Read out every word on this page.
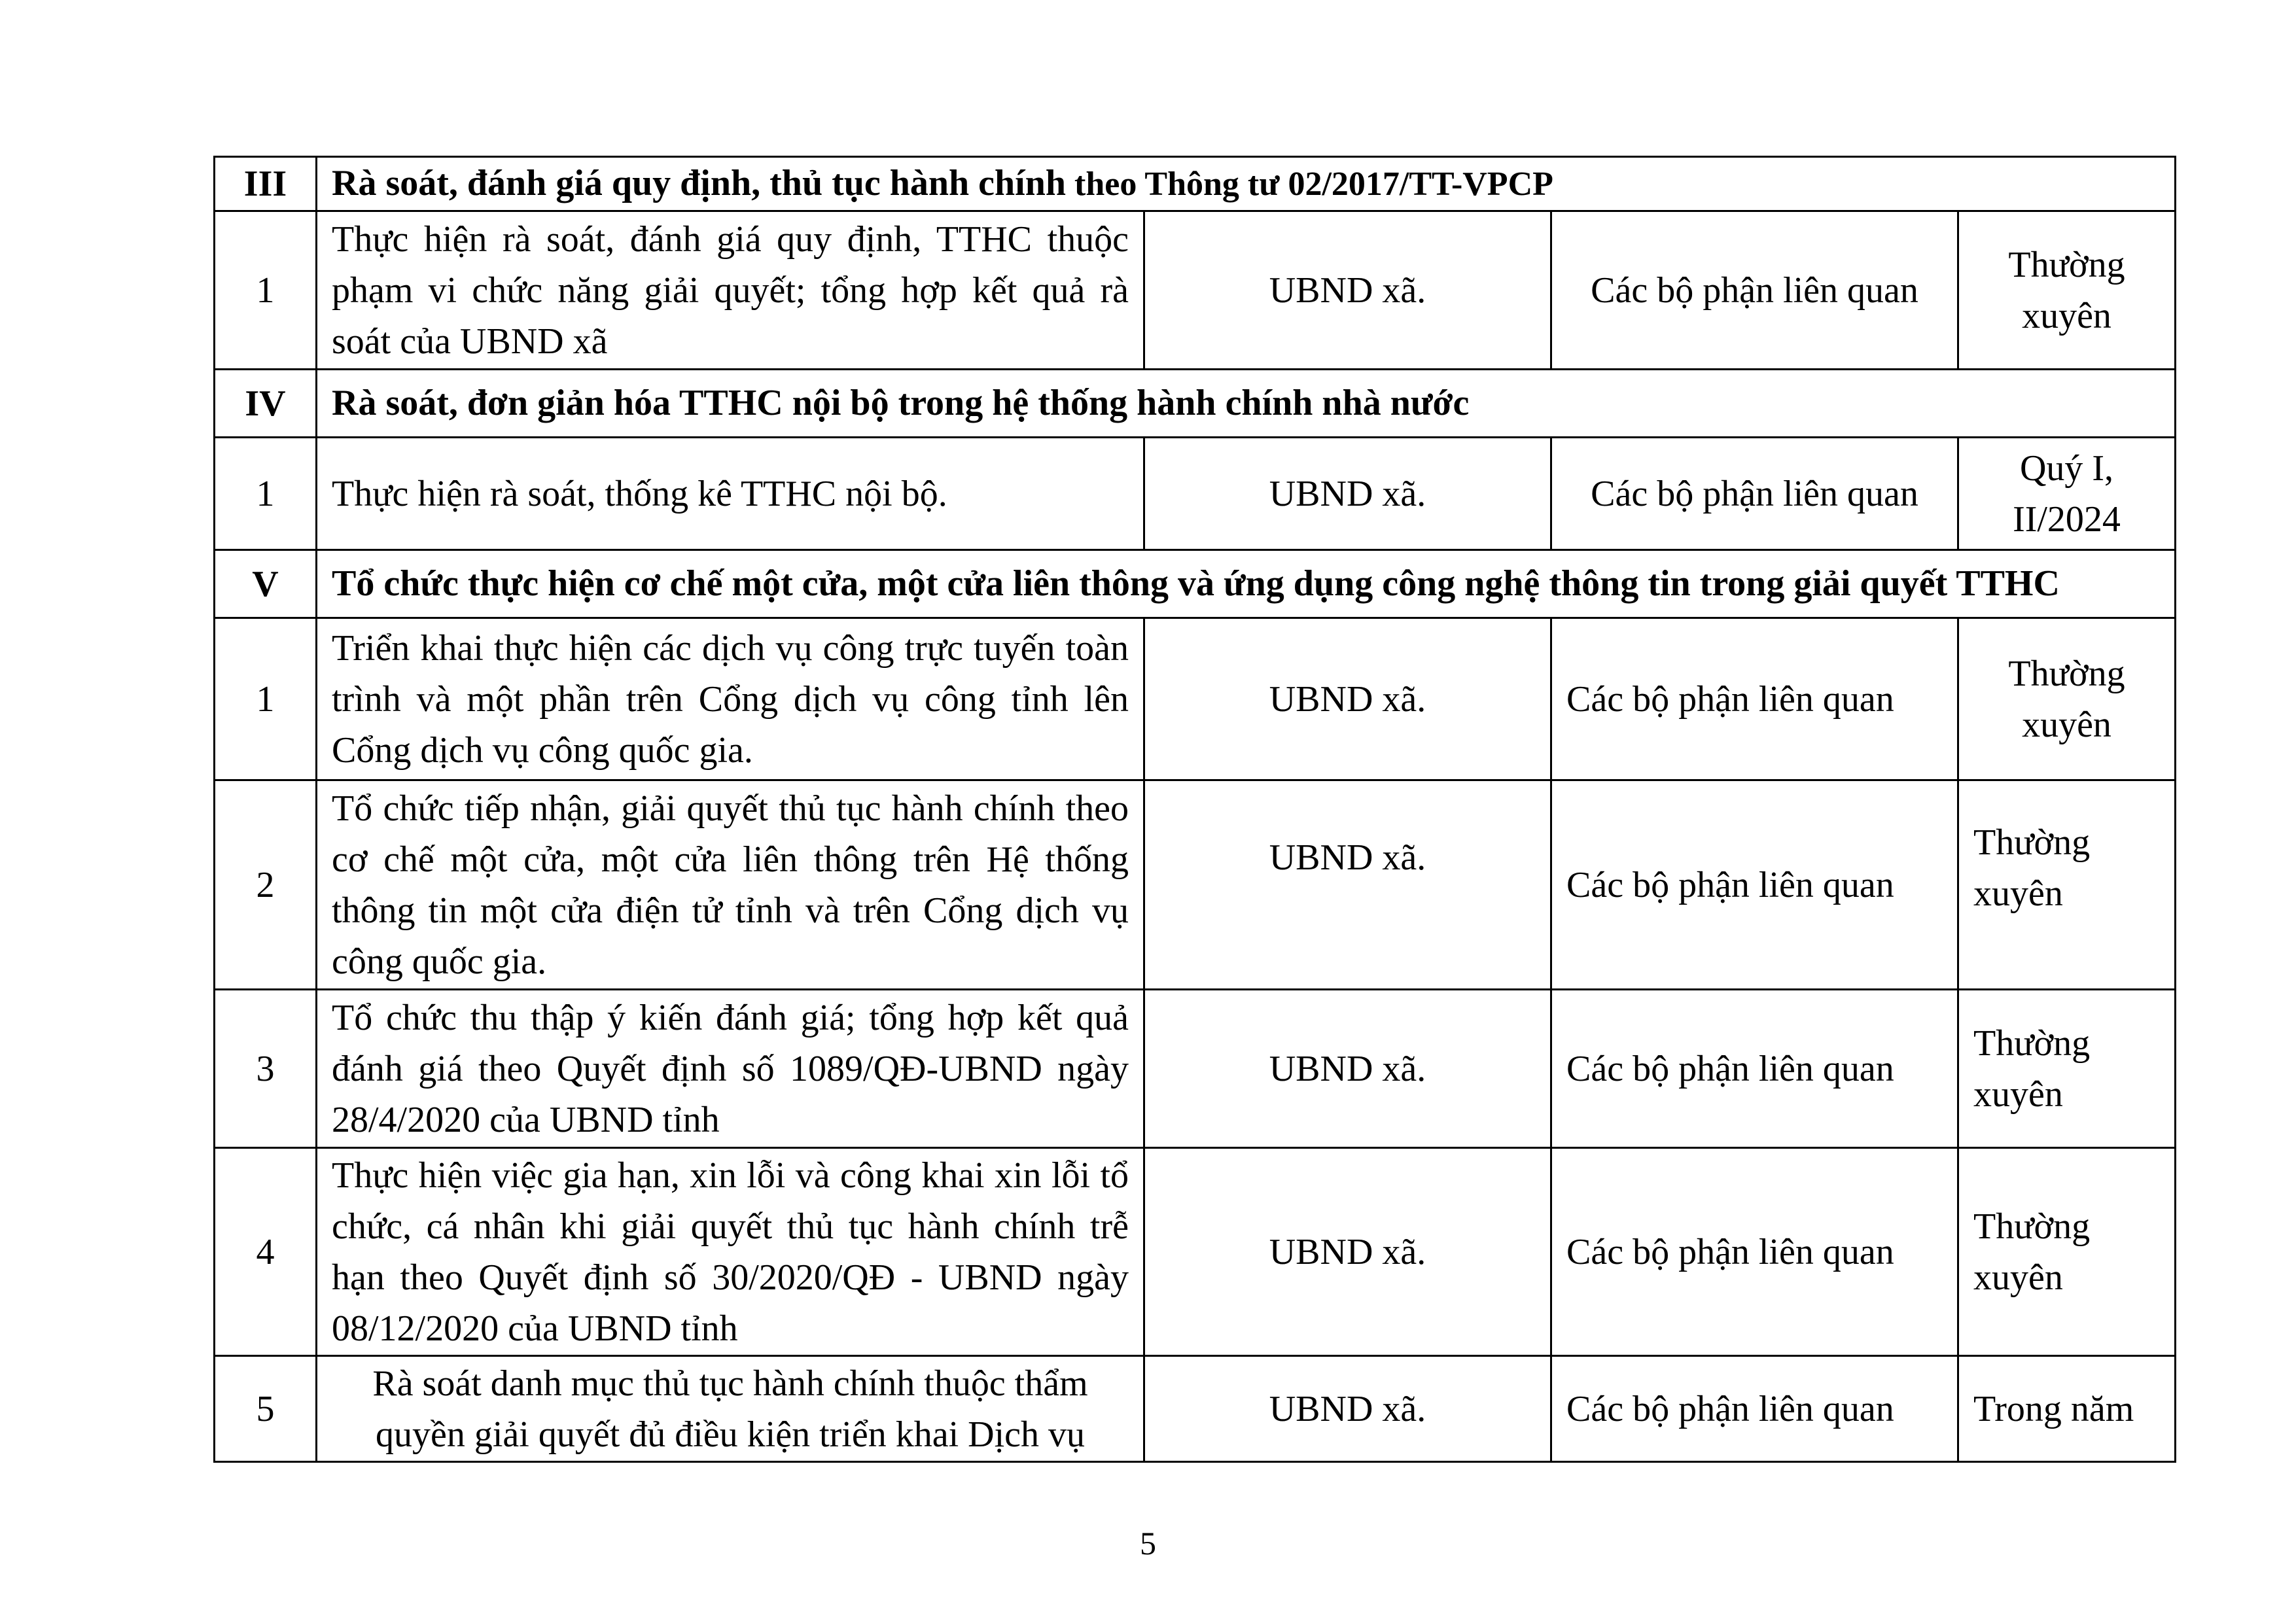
III	Rà soát, đánh giá quy định, thủ tục hành chính theo Thông tư 02/2017/TT-VPCP			
1	Thực hiện rà soát, đánh giá quy định, TTHC thuộc phạm vi chức năng giải quyết; tổng hợp kết quả rà soát của UBND xã	UBND xã.	Các bộ phận liên quan	Thường xuyên
IV	Rà soát, đơn giản hóa TTHC nội bộ trong hệ thống hành chính nhà nước			
1	Thực hiện rà soát, thống kê TTHC nội bộ.	UBND xã.	Các bộ phận liên quan	Quý I, II/2024
V	Tổ chức thực hiện cơ chế một cửa, một cửa liên thông và ứng dụng công nghệ thông tin trong giải quyết TTHC			
1	Triển khai thực hiện các dịch vụ công trực tuyến toàn trình và một phần trên Cổng dịch vụ công tỉnh lên Cổng dịch vụ công quốc gia.	UBND xã.	Các bộ phận liên quan	Thường xuyên
2	Tổ chức tiếp nhận, giải quyết thủ tục hành chính theo cơ chế một cửa, một cửa liên thông trên Hệ thống thông tin một cửa điện tử tỉnh và trên Cổng dịch vụ công quốc gia.	UBND xã.	Các bộ phận liên quan	Thường xuyên

3	Tổ chức thu thập ý kiến đánh giá; tổng hợp kết quả đánh giá theo Quyết định số 1089/QĐ-UBND ngày 28/4/2020 của UBND tỉnh	UBND xã.	Các bộ phận liên quan	Thường xuyên
4	Thực hiện việc gia hạn, xin lỗi và công khai xin lỗi tổ chức, cá nhân khi giải quyết thủ tục hành chính trễ hạn theo Quyết định số 30/2020/QĐ - UBND ngày 08/12/2020 của UBND tỉnh	UBND xã.	Các bộ phận liên quan	Thường xuyên
5	Rà soát danh mục thủ tục hành chính thuộc thẩm quyền giải quyết đủ điều kiện triển khai Dịch vụ	UBND xã.	Các bộ phận liên quan	Trong năm
5
